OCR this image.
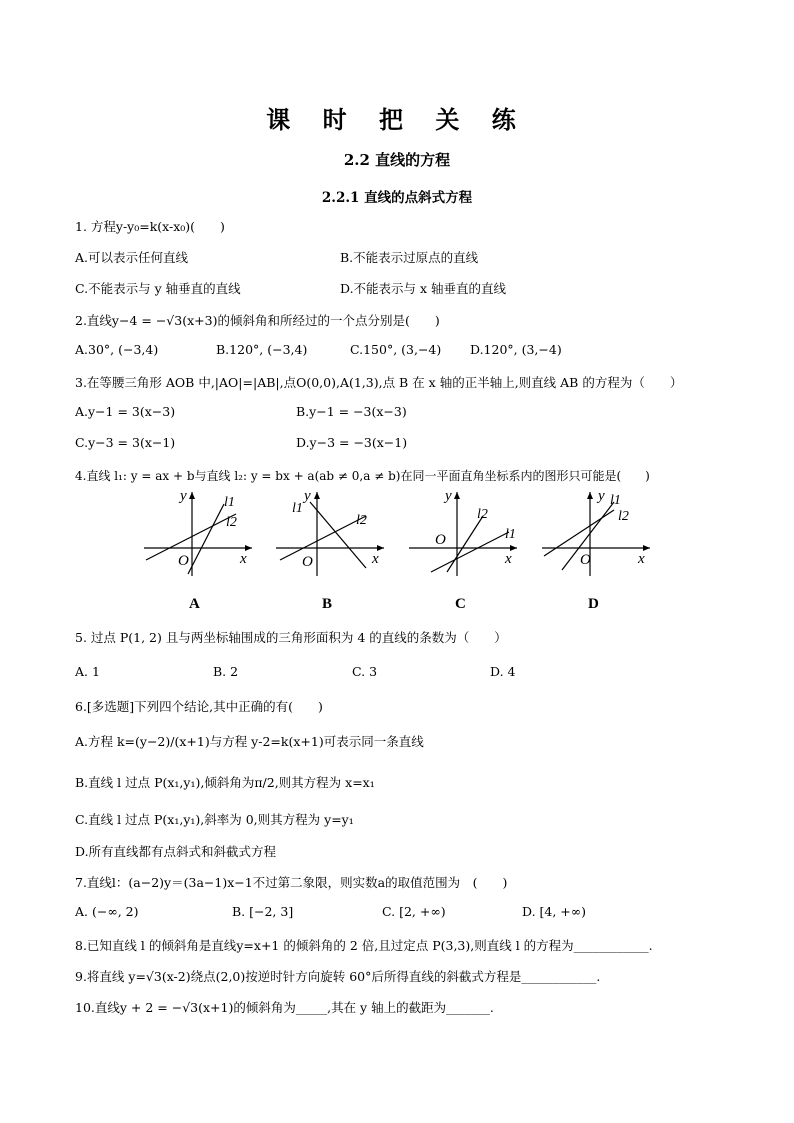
课 时 把 关 练
2.2 直线的方程
2.2.1 直线的点斜式方程
1. 方程y-y₀=k(x-x₀)(　　)
A.可以表示任何直线	B.不能表示过原点的直线
C.不能表示与 y 轴垂直的直线	D.不能表示与 x 轴垂直的直线
2.直线y−4 = −√3(x+3)的倾斜角和所经过的一个点分别是(　　)
A.30°, (−3,4)	B.120°, (−3,4)	C.150°, (3,−4) D.120°, (3,−4)
3.在等腰三角形 AOB 中,|AO|=|AB|,点O(0,0),A(1,3),点 B 在 x 轴的正半轴上,则直线 AB 的方程为（　　）
A.y−1 = 3(x−3)	B.y−1 = −3(x−3)
C.y−3 = 3(x−1)	D.y−3 = −3(x−1)
4.直线 l₁: y = ax + b与直线 l₂: y = bx + a(ab ≠ 0,a ≠ b)在同一平面直角坐标系内的图形只可能是(　　)
y
x
O
l1
l2
A
y
x
O
l1
l2
B
y
x
O	l1
l2
C
y
x
O
l1
l2
D
5. 过点 P(1, 2) 且与两坐标轴围成的三角形面积为 4 的直线的条数为（　　）
A. 1	B. 2	C. 3	D. 4
6.[多选题]下列四个结论,其中正确的有(　　)
A.方程 k=(y−2)/(x+1)与方程 y-2=k(x+1)可表示同一条直线
B.直线 l 过点 P(x₁,y₁),倾斜角为π/2,则其方程为 x=x₁
C.直线 l 过点 P(x₁,y₁),斜率为 0,则其方程为 y=y₁
D.所有直线都有点斜式和斜截式方程
7.直线l：(a−2)y＝(3a−1)x−1不过第二象限，则实数a的取值范围为　(　　)
A. (−∞, 2)	B. [−2, 3]	C. [2, +∞)	D. [4, +∞)
8.已知直线 l 的倾斜角是直线y=x+1 的倾斜角的 2 倍,且过定点 P(3,3),则直线 l 的方程为____________.
9.将直线 y=√3(x-2)绕点(2,0)按逆时针方向旋转 60°后所得直线的斜截式方程是____________.
10.直线y + 2 = −√3(x+1)的倾斜角为_____,其在 y 轴上的截距为_______.
